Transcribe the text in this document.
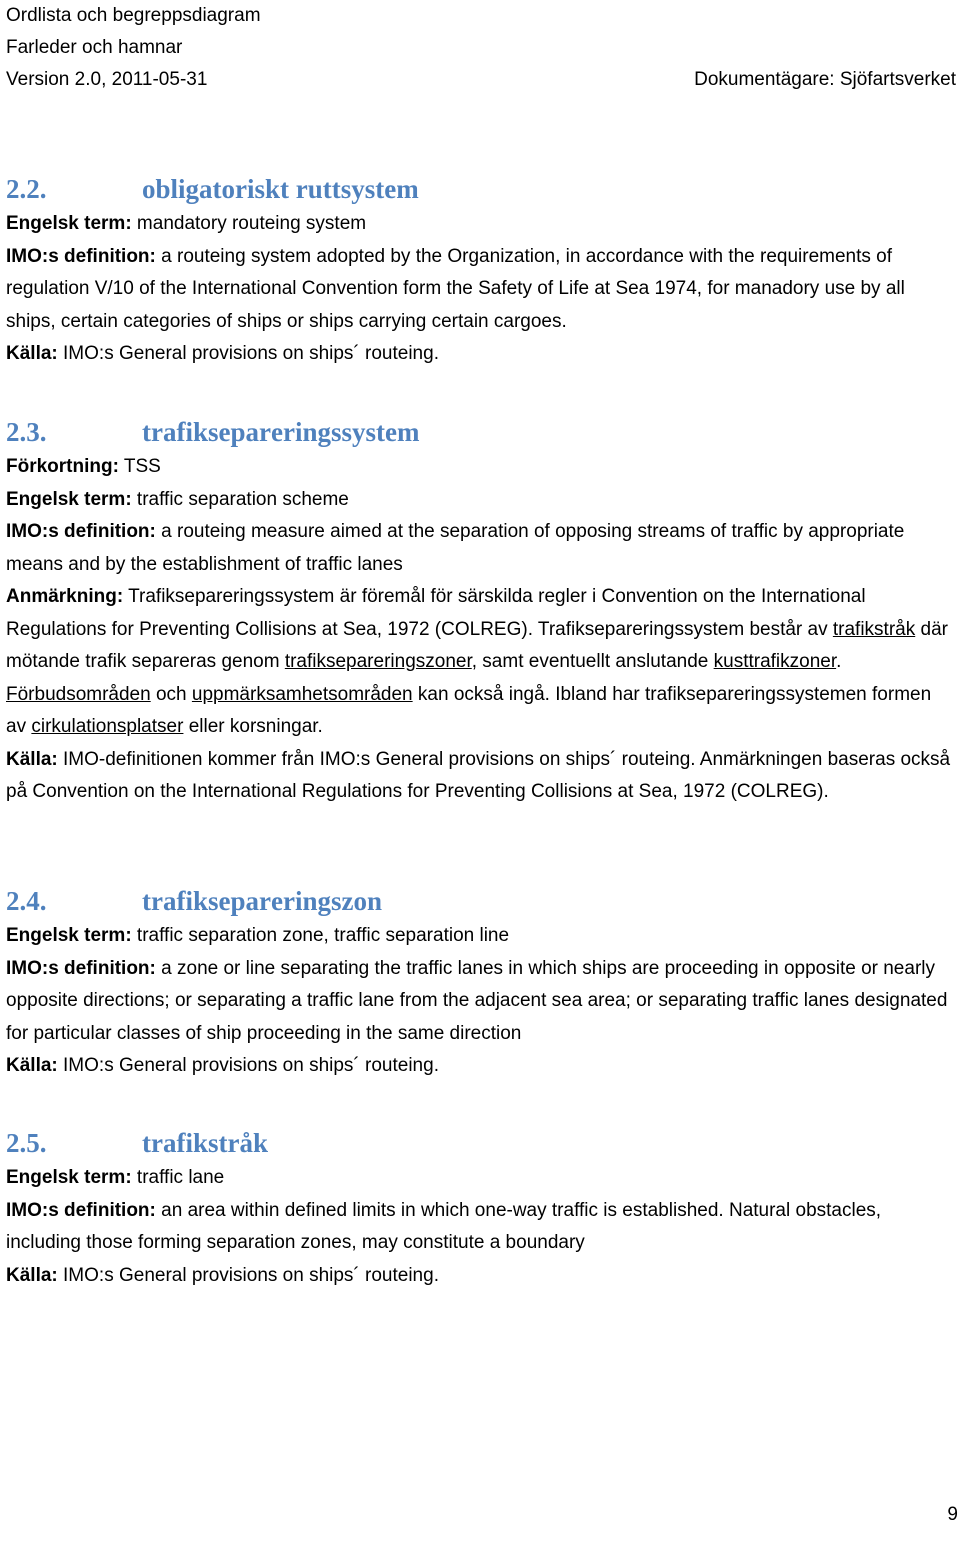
Ordlista och begreppsdiagram
Farleder och hamnar
Version 2.0, 2011-05-31	Dokumentägare: Sjöfartsverket
2.2.	obligatoriskt ruttsystem

Engelsk term: mandatory routeing system

IMO:s definition: a routeing system adopted by the Organization, in accordance with the requirements of regulation V/10 of the International Convention form the Safety of Life at Sea 1974, for manadory use by all ships, certain categories of ships or ships carrying certain cargoes.

Källa: IMO:s General provisions on ships´ routeing.

2.3.	trafikseparеringssystem

Förkortning: TSS

Engelsk term: traffic separation scheme

IMO:s definition: a routeing measure aimed at the separation of opposing streams of traffic by appropriate means and by the establishment of traffic lanes

Anmärkning: Trafikseparеringssystem är föremål för särskilda regler i Convention on the International Regulations for Preventing Collisions at Sea, 1972 (COLREG). Trafikseparеringssystem består av trafikstråk där mötande trafik separeras genom trafikseparеringszoner, samt eventuellt anslutande kusttrafikzoner. Förbudsområden och uppmärksamhetsområden kan också ingå. Ibland har trafikseparеringssystemen formen av cirkulationsplatser eller korsningar.

Källa: IMO-definitionen kommer från IMO:s General provisions on ships´ routeing. Anmärkningen baseras också på Convention on the International Regulations for Preventing Collisions at Sea, 1972 (COLREG).

2.4.	trafikseparеringszon

Engelsk term: traffic separation zone, traffic separation line

IMO:s definition: a zone or line separating the traffic lanes in which ships are proceeding in opposite or nearly opposite directions; or separating a traffic lane from the adjacent sea area; or separating traffic lanes designated for particular classes of ship proceeding in the same direction

Källa: IMO:s General provisions on ships´ routeing.

2.5.	trafikstråk

Engelsk term: traffic lane

IMO:s definition: an area within defined limits in which one-way traffic is established. Natural obstacles, including those forming separation zones, may constitute a boundary

Källa: IMO:s General provisions on ships´ routeing.

9
